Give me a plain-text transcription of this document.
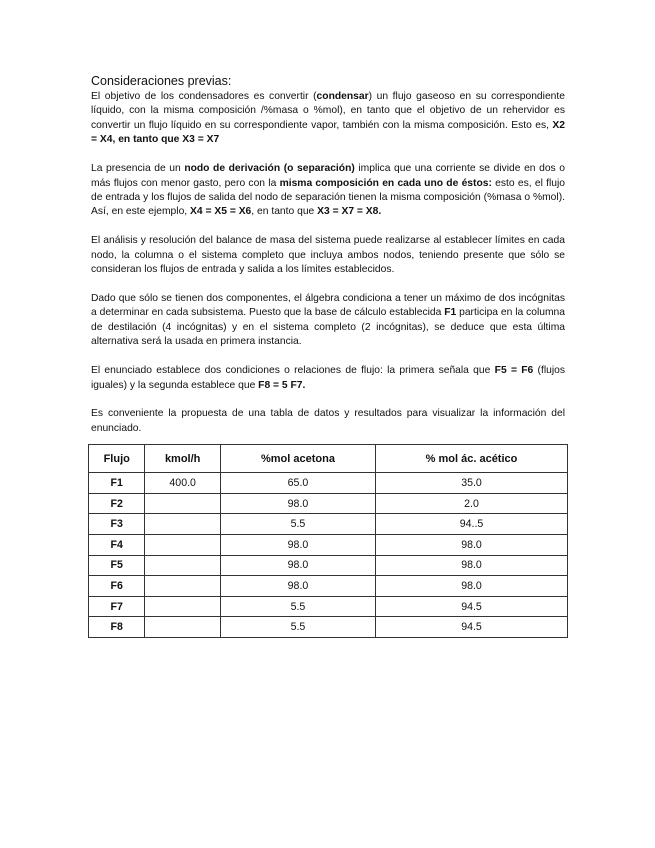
Consideraciones previas:

El objetivo de los condensadores es convertir (condensar) un flujo gaseoso en su correspondiente líquido, con la misma composición /%masa o %mol), en tanto que el objetivo de un rehervidor es convertir un flujo líquido en su correspondiente vapor, también con la misma composición. Esto es, X2 = X4, en tanto que X3 = X7

La presencia de un nodo de derivación (o separación) implica que una corriente se divide en dos o más flujos con menor gasto, pero con la misma composición en cada uno de éstos: esto es, el flujo de entrada y los flujos de salida del nodo de separación tienen la misma composición (%masa o %mol). Así, en este ejemplo, X4 = X5 = X6, en tanto que X3 = X7 = X8.

El análisis y resolución del balance de masa del sistema puede realizarse al establecer límites en cada nodo, la columna o el sistema completo que incluya ambos nodos, teniendo presente que sólo se consideran los flujos de entrada y salida a los límites establecidos.

Dado que sólo se tienen dos componentes, el álgebra condiciona a tener un máximo de dos incógnitas a determinar en cada subsistema. Puesto que la base de cálculo establecida F1 participa en la columna de destilación (4 incógnitas) y en el sistema completo (2 incógnitas), se deduce que esta última alternativa será la usada en primera instancia.

El enunciado establece dos condiciones o relaciones de flujo: la primera señala que F5 = F6 (flujos iguales) y la segunda establece que F8 = 5 F7.

Es conveniente la propuesta de una tabla de datos y resultados para visualizar la información del enunciado.

Flujo	kmol/h	%mol acetona	% mol ác. acético
F1	400.0	65.0	35.0
F2		98.0	2.0
F3		5.5	94..5
F4		98.0	98.0
F5		98.0	98.0
F6		98.0	98.0
F7		5.5	94.5
F8		5.5	94.5
